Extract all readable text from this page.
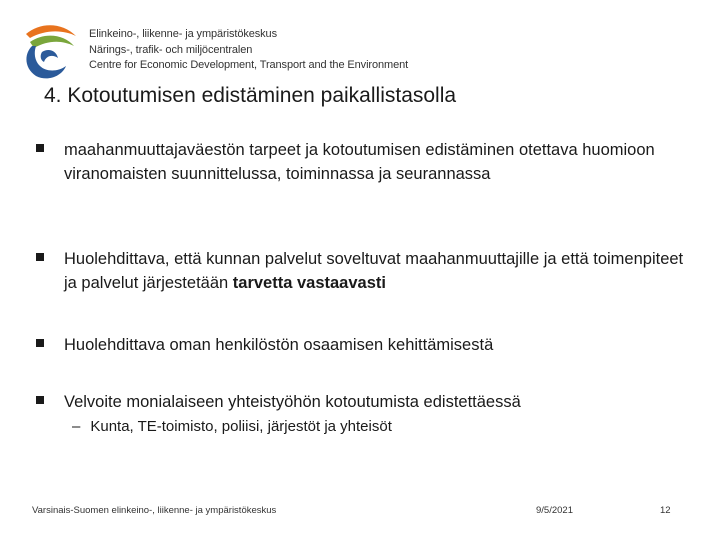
Elinkeino-, liikenne- ja ympäristökeskus
Närings-, trafik- och miljöcentralen
Centre for Economic Development, Transport and the Environment
4. Kotoutumisen edistäminen paikallistasolla
maahanmuuttajaväestön tarpeet ja kotoutumisen edistäminen otettava huomioon viranomaisten suunnittelussa, toiminnassa ja seurannassa
Huolehdittava, että kunnan palvelut soveltuvat maahanmuuttajille ja että toimenpiteet ja palvelut järjestetään tarvetta vastaavasti
Huolehdittava oman henkilöstön osaamisen kehittämisestä
Velvoite monialaiseen yhteistyöhön kotoutumista edistettäessä
– Kunta, TE-toimisto, poliisi, järjestöt ja yhteisöt
Varsinais-Suomen elinkeino-, liikenne- ja ympäristökeskus	9/5/2021	12
